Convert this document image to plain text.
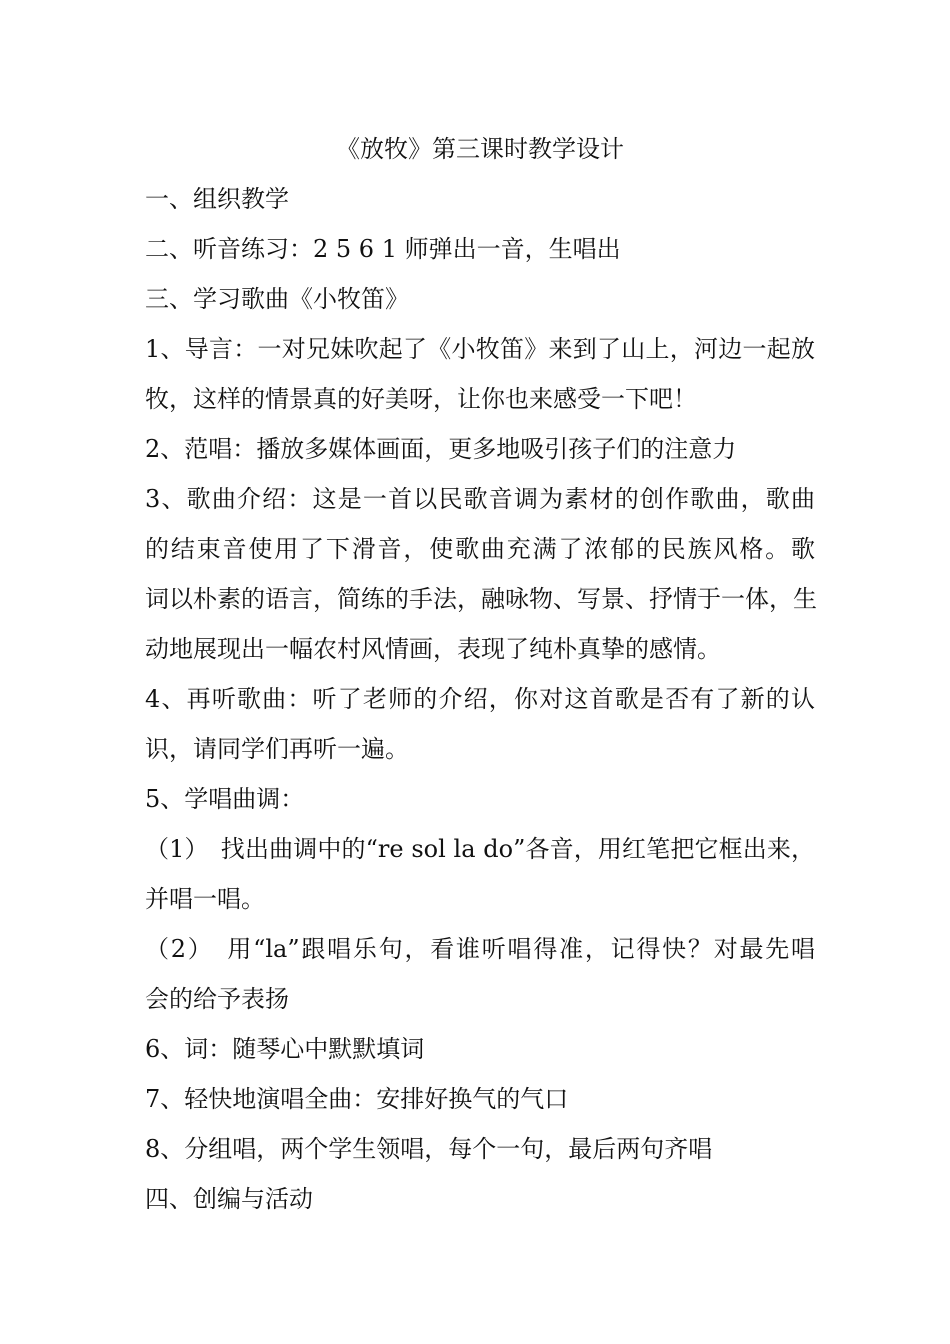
《放牧》第三课时教学设计

一、组织教学

二、听音练习：2 5 6 1 师弹出一音，生唱出

三、学习歌曲《小牧笛》

1、导言：一对兄妹吹起了《小牧笛》来到了山上，河边一起放

牧，这样的情景真的好美呀，让你也来感受一下吧！

2、范唱：播放多媒体画面，更多地吸引孩子们的注意力

3、歌曲介绍：这是一首以民歌音调为素材的创作歌曲，歌曲

的结束音使用了下滑音，使歌曲充满了浓郁的民族风格。歌

词以朴素的语言，简练的手法，融咏物、写景、抒情于一体，生

动地展现出一幅农村风情画，表现了纯朴真挚的感情。

4、再听歌曲：听了老师的介绍，你对这首歌是否有了新的认

识，请同学们再听一遍。

5、学唱曲调：

（1）　找出曲调中的“re sol la do”各音，用红笔把它框出来，

并唱一唱。

（2）　用“la”跟唱乐句，看谁听唱得准，记得快？对最先唱

会的给予表扬

6、词：随琴心中默默填词

7、轻快地演唱全曲：安排好换气的气口

8、分组唱，两个学生领唱，每个一句，最后两句齐唱

四、创编与活动
